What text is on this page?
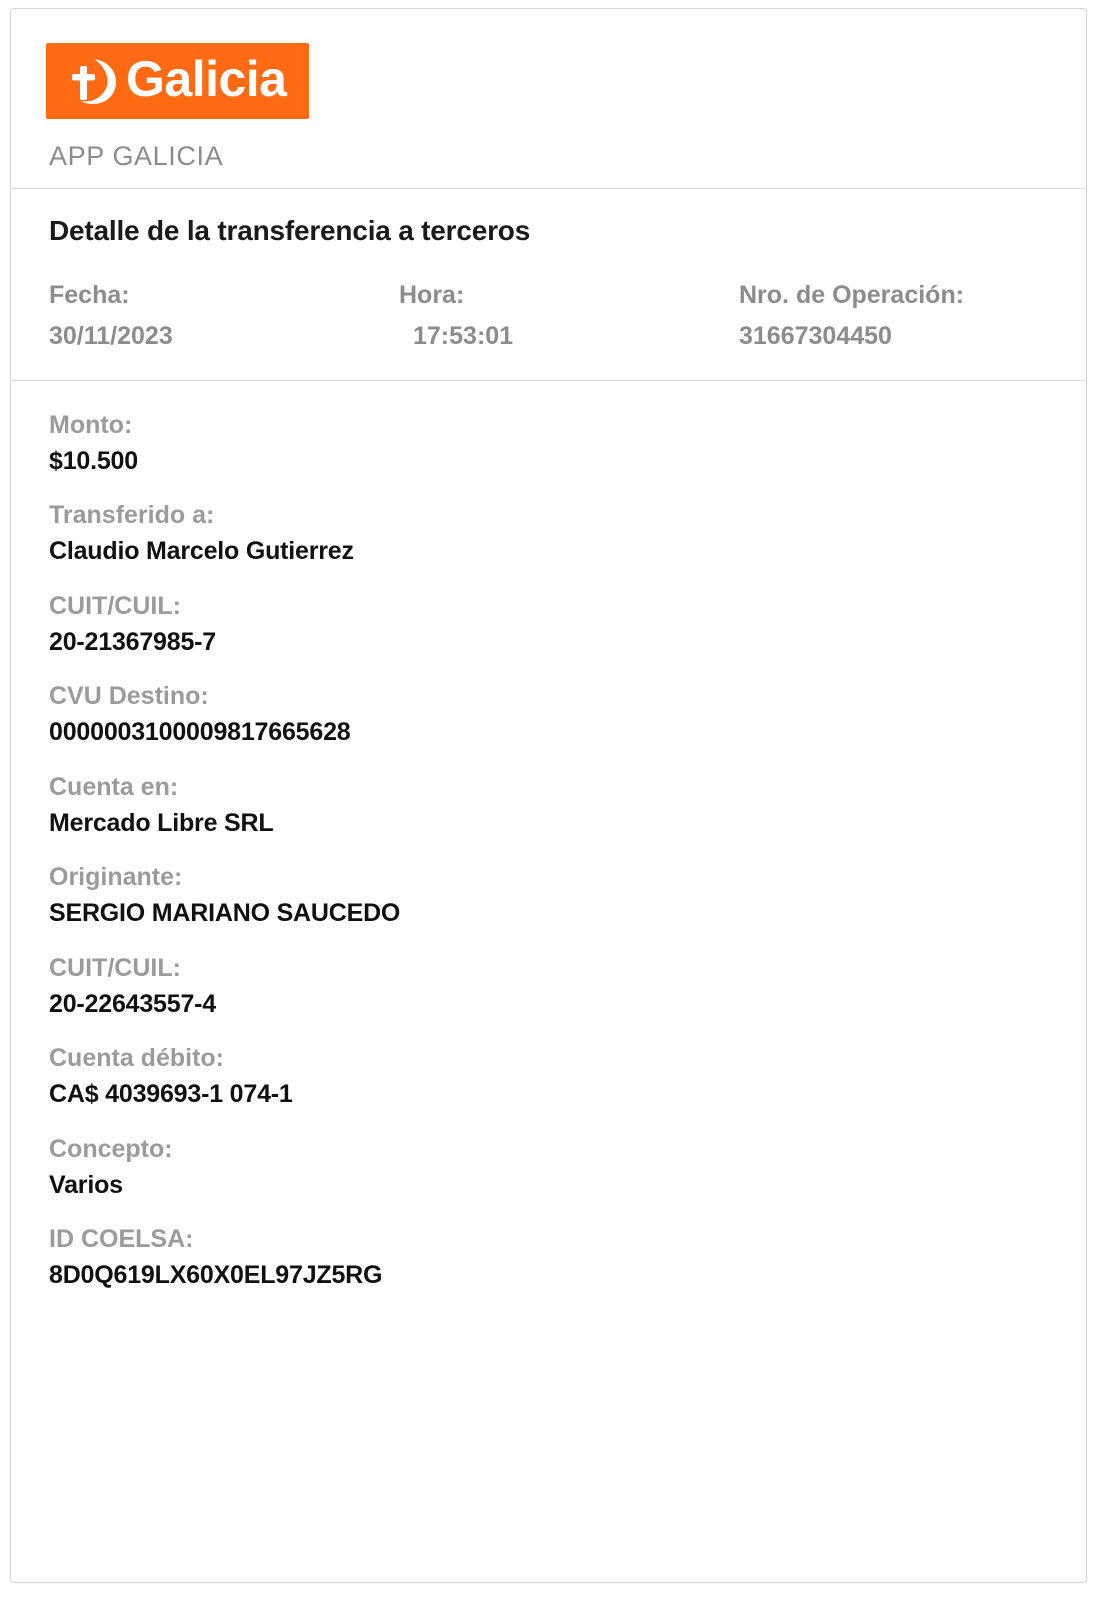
Galicia
APP GALICIA
Detalle de la transferencia a terceros
Fecha:
30/11/2023
Hora:
17:53:01
Nro. de Operación:
31667304450
Monto:
$10.500
Transferido a:
Claudio Marcelo Gutierrez
CUIT/CUIL:
20-21367985-7
CVU Destino:
0000003100009817665628
Cuenta en:
Mercado Libre SRL
Originante:
SERGIO MARIANO SAUCEDO
CUIT/CUIL:
20-22643557-4
Cuenta débito:
CA$ 4039693-1 074-1
Concepto:
Varios
ID COELSA:
8D0Q619LX60X0EL97JZ5RG
